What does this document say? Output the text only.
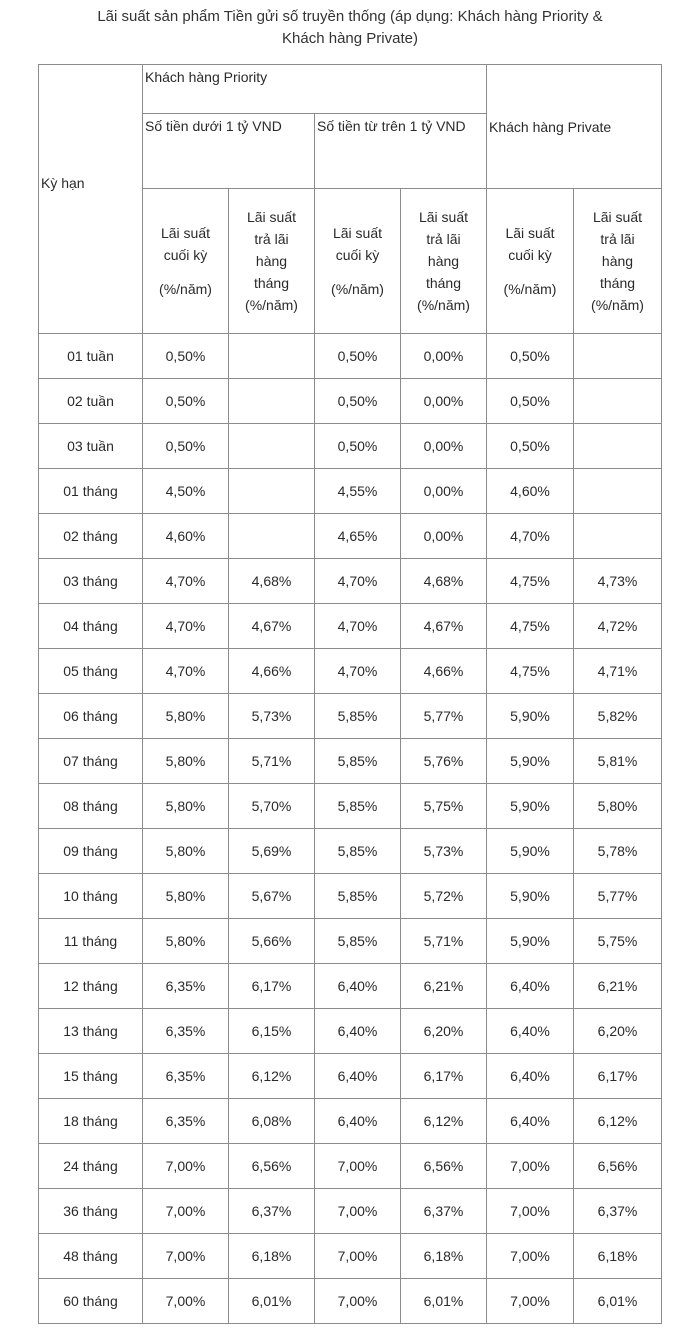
Lãi suất sản phẩm Tiền gửi số truyền thống (áp dụng: Khách hàng Priority &
Khách hàng Private)
Kỳ hạn	Khách hàng Priority				Khách hàng Private	
	Số tiền dưới 1 tỷ VND		Số tiền từ trên 1 tỷ VND			

	Lãi suất
cuối kỳ
(%/năm)	Lãi suất
trả lãi
hàng
tháng
(%/năm)	Lãi suất
cuối kỳ
(%/năm)	Lãi suất
trả lãi
hàng
tháng
(%/năm)	Lãi suất
cuối kỳ
(%/năm)	Lãi suất
trả lãi
hàng
tháng
(%/năm)

01 tuần	0,50%		0,50%	0,00%	0,50%	
02 tuần	0,50%		0,50%	0,00%	0,50%	
03 tuần	0,50%		0,50%	0,00%	0,50%	
01 tháng	4,50%		4,55%	0,00%	4,60%	
02 tháng	4,60%		4,65%	0,00%	4,70%	
03 tháng	4,70%	4,68%	4,70%	4,68%	4,75%	4,73%
04 tháng	4,70%	4,67%	4,70%	4,67%	4,75%	4,72%
05 tháng	4,70%	4,66%	4,70%	4,66%	4,75%	4,71%
06 tháng	5,80%	5,73%	5,85%	5,77%	5,90%	5,82%
07 tháng	5,80%	5,71%	5,85%	5,76%	5,90%	5,81%
08 tháng	5,80%	5,70%	5,85%	5,75%	5,90%	5,80%
09 tháng	5,80%	5,69%	5,85%	5,73%	5,90%	5,78%
10 tháng	5,80%	5,67%	5,85%	5,72%	5,90%	5,77%
11 tháng	5,80%	5,66%	5,85%	5,71%	5,90%	5,75%
12 tháng	6,35%	6,17%	6,40%	6,21%	6,40%	6,21%
13 tháng	6,35%	6,15%	6,40%	6,20%	6,40%	6,20%
15 tháng	6,35%	6,12%	6,40%	6,17%	6,40%	6,17%
18 tháng	6,35%	6,08%	6,40%	6,12%	6,40%	6,12%
24 tháng	7,00%	6,56%	7,00%	6,56%	7,00%	6,56%
36 tháng	7,00%	6,37%	7,00%	6,37%	7,00%	6,37%
48 tháng	7,00%	6,18%	7,00%	6,18%	7,00%	6,18%
60 tháng	7,00%	6,01%	7,00%	6,01%	7,00%	6,01%
